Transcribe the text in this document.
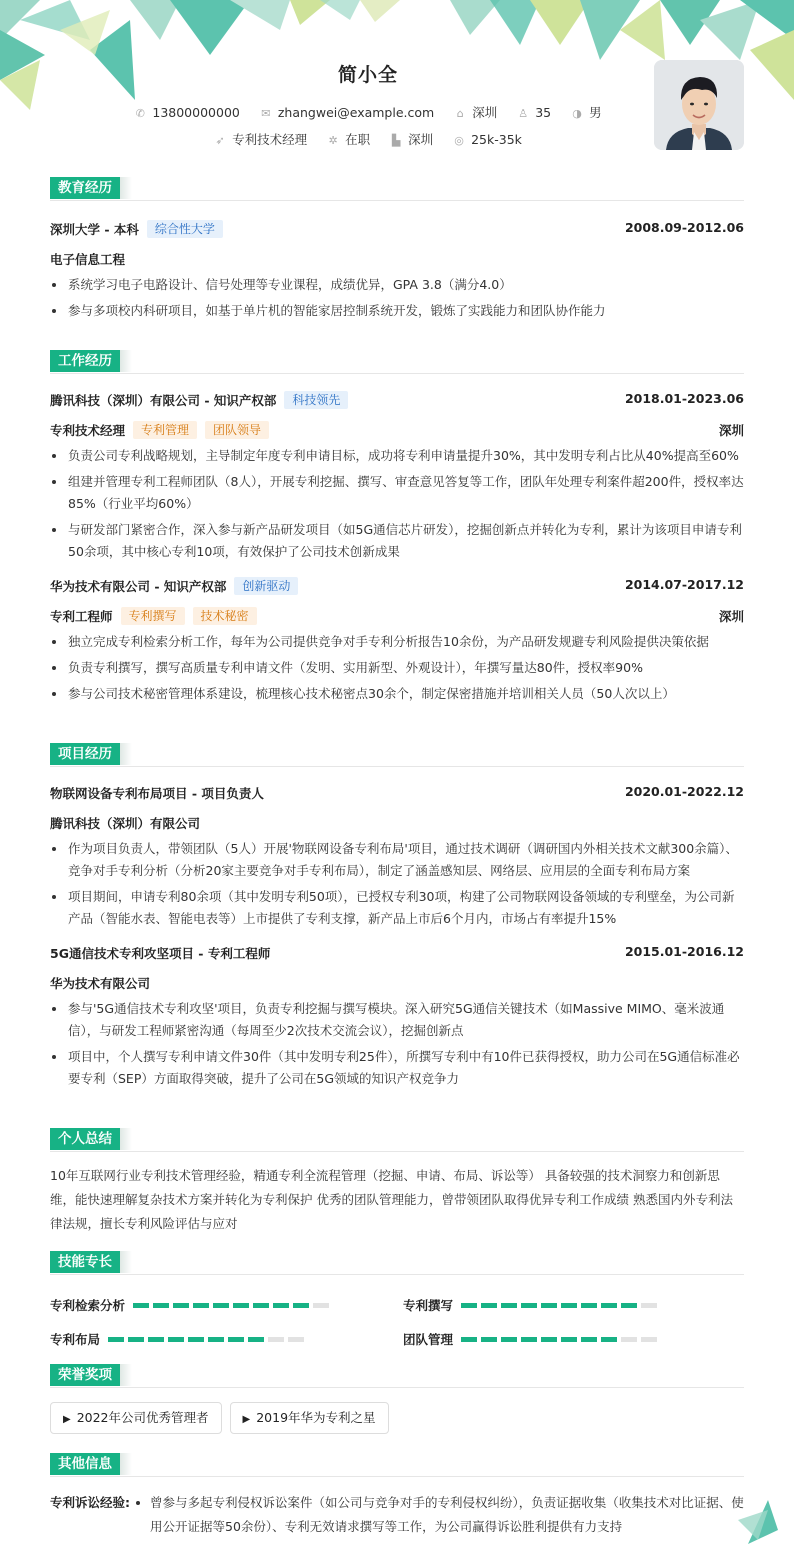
简小全
✆ 13800000000 ✉ zhangwei@example.com ⌂ 深圳 ♙ 35 ◑ 男
➶ 专利技术经理 ✲ 在职 ▙ 深圳 ◎ 25k-35k
教育经历
深圳大学 - 本科 综合性大学	2008.09-2012.06
电子信息工程
系统学习电子电路设计、信号处理等专业课程，成绩优异，GPA 3.8（满分4.0）
参与多项校内科研项目，如基于单片机的智能家居控制系统开发，锻炼了实践能力和团队协作能力
工作经历
腾讯科技（深圳）有限公司 - 知识产权部 科技领先	2018.01-2023.06
专利技术经理 专利管理 团队领导	深圳
负责公司专利战略规划，主导制定年度专利申请目标，成功将专利申请量提升30%，其中发明专利占比从40%提高至60%
组建并管理专利工程师团队（8人），开展专利挖掘、撰写、审查意见答复等工作，团队年处理专利案件超200件，授权率达85%（行业平均60%）
与研发部门紧密合作，深入参与新产品研发项目（如5G通信芯片研发），挖掘创新点并转化为专利，累计为该项目申请专利50余项，其中核心专利10项，有效保护了公司技术创新成果
华为技术有限公司 - 知识产权部 创新驱动	2014.07-2017.12
专利工程师 专利撰写 技术秘密	深圳
独立完成专利检索分析工作，每年为公司提供竞争对手专利分析报告10余份，为产品研发规避专利风险提供决策依据
负责专利撰写，撰写高质量专利申请文件（发明、实用新型、外观设计），年撰写量达80件，授权率90%
参与公司技术秘密管理体系建设，梳理核心技术秘密点30余个，制定保密措施并培训相关人员（50人次以上）
项目经历
物联网设备专利布局项目 - 项目负责人	2020.01-2022.12
腾讯科技（深圳）有限公司
作为项目负责人，带领团队（5人）开展'物联网设备专利布局'项目，通过技术调研（调研国内外相关技术文献300余篇）、竞争对手专利分析（分析20家主要竞争对手专利布局），制定了涵盖感知层、网络层、应用层的全面专利布局方案
项目期间，申请专利80余项（其中发明专利50项），已授权专利30项，构建了公司物联网设备领域的专利壁垒，为公司新产品（智能水表、智能电表等）上市提供了专利支撑，新产品上市后6个月内，市场占有率提升15%
5G通信技术专利攻坚项目 - 专利工程师	2015.01-2016.12
华为技术有限公司
参与'5G通信技术专利攻坚'项目，负责专利挖掘与撰写模块。深入研究5G通信关键技术（如Massive MIMO、毫米波通信），与研发工程师紧密沟通（每周至少2次技术交流会议），挖掘创新点
项目中，个人撰写专利申请文件30件（其中发明专利25件），所撰写专利中有10件已获得授权，助力公司在5G通信标准必要专利（SEP）方面取得突破，提升了公司在5G领域的知识产权竞争力
个人总结
10年互联网行业专利技术管理经验，精通专利全流程管理（挖掘、申请、布局、诉讼等） 具备较强的技术洞察力和创新思维，能快速理解复杂技术方案并转化为专利保护 优秀的团队管理能力，曾带领团队取得优异专利工作成绩 熟悉国内外专利法律法规，擅长专利风险评估与应对
技能专长
专利检索分析	专利撰写
专利布局	团队管理
荣誉奖项
▶ 2022年公司优秀管理者	▶ 2019年华为专利之星
其他信息
专利诉讼经验:	曾参与多起专利侵权诉讼案件（如公司与竞争对手的专利侵权纠纷），负责证据收集（收集技术对比证据、使用公开证据等50余份）、专利无效请求撰写等工作，为公司赢得诉讼胜利提供有力支持
